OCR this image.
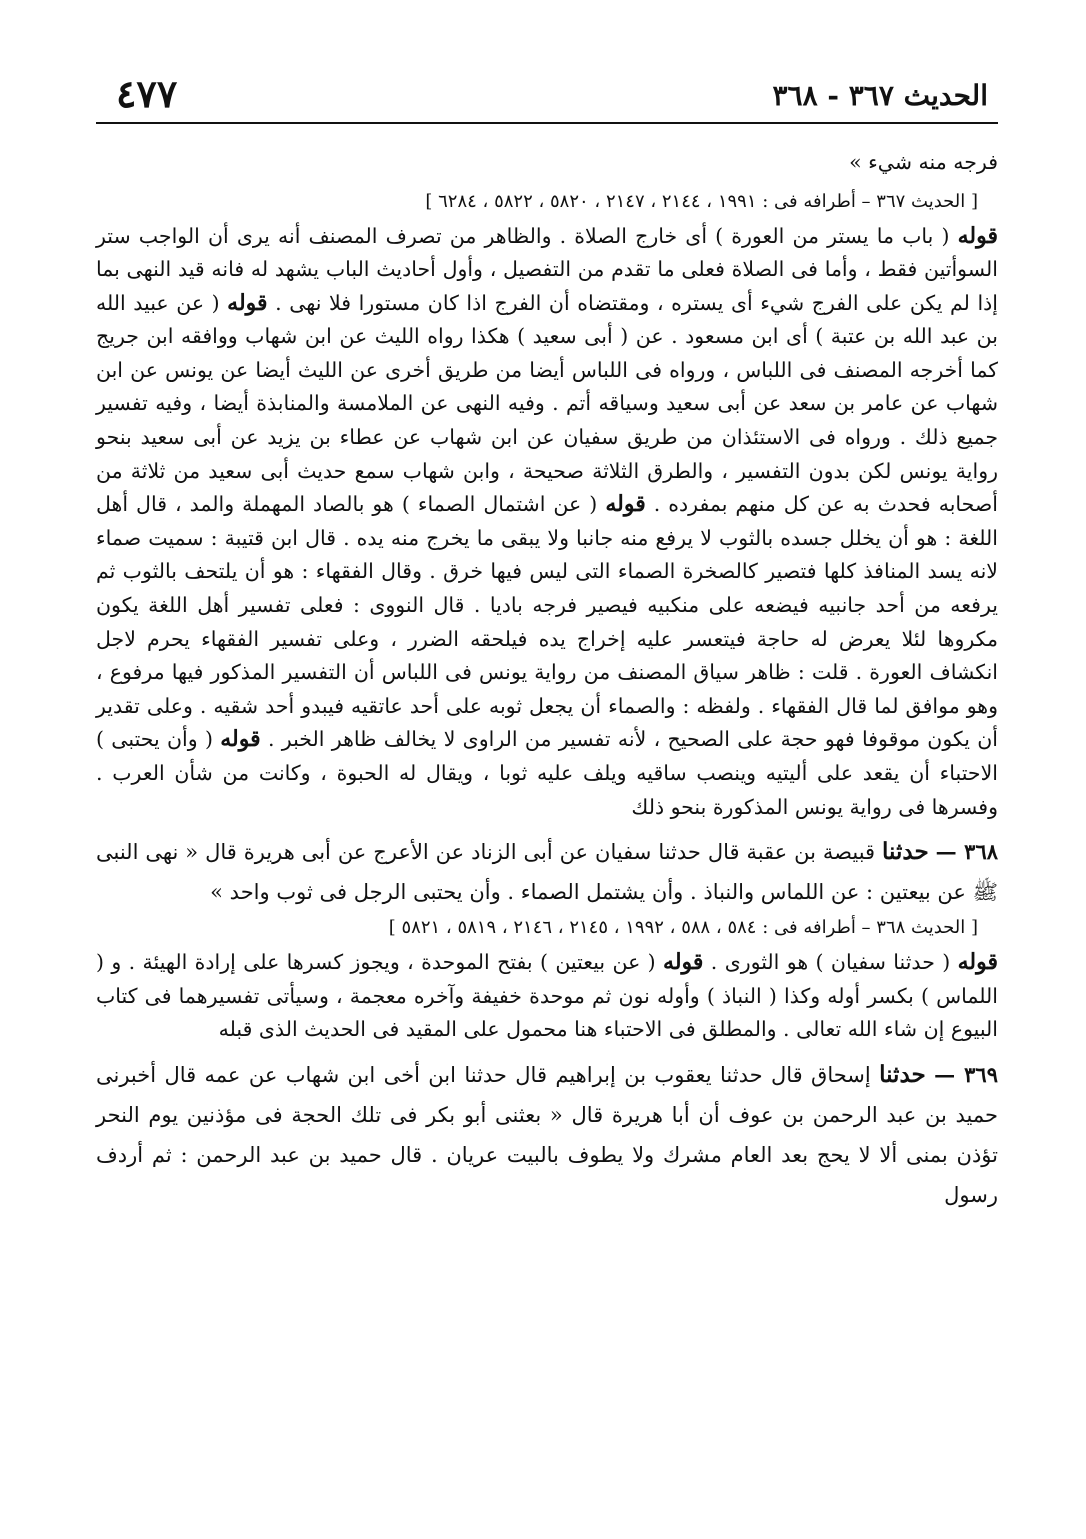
٤٧٧	الحديث ٣٦٧ - ٣٦٨
فرجه منه شيء »
[ الحديث ٣٦٧ – أطرافه فى : ١٩٩١ ، ٢١٤٤ ، ٢١٤٧ ، ٥٨٢٠ ، ٥٨٢٢ ، ٦٢٨٤ ]
قوله ( باب ما يستر من العورة ) أى خارج الصلاة . والظاهر من تصرف المصنف أنه يرى أن الواجب ستر السوأتين فقط ، وأما فى الصلاة فعلى ما تقدم من التفصيل ، وأول أحاديث الباب يشهد له فانه قيد النهى بما إذا لم يكن على الفرج شيء أى يستره ، ومقتضاه أن الفرج اذا كان مستورا فلا نهى . قوله ( عن عبيد الله بن عبد الله بن عتبة ) أى ابن مسعود . عن ( أبى سعيد ) هكذا رواه الليث عن ابن شهاب ووافقه ابن جريج كما أخرجه المصنف فى اللباس ، ورواه فى اللباس أيضا من طريق أخرى عن الليث أيضا عن يونس عن ابن شهاب عن عامر بن سعد عن أبى سعيد وسياقه أتم . وفيه النهى عن الملامسة والمنابذة أيضا ، وفيه تفسير جميع ذلك . ورواه فى الاستئذان من طريق سفيان عن ابن شهاب عن عطاء بن يزيد عن أبى سعيد بنحو رواية يونس لكن بدون التفسير ، والطرق الثلاثة صحيحة ، وابن شهاب سمع حديث أبى سعيد من ثلاثة من أصحابه فحدث به عن كل منهم بمفرده . قوله ( عن اشتمال الصماء ) هو بالصاد المهملة والمد ، قال أهل اللغة : هو أن يخلل جسده بالثوب لا يرفع منه جانبا ولا يبقى ما يخرج منه يده . قال ابن قتيبة : سميت صماء لانه يسد المنافذ كلها فتصير كالصخرة الصماء التى ليس فيها خرق . وقال الفقهاء : هو أن يلتحف بالثوب ثم يرفعه من أحد جانبيه فيضعه على منكبيه فيصير فرجه باديا . قال النووى : فعلى تفسير أهل اللغة يكون مكروها لئلا يعرض له حاجة فيتعسر عليه إخراج يده فيلحقه الضرر ، وعلى تفسير الفقهاء يحرم لاجل انكشاف العورة . قلت : ظاهر سياق المصنف من رواية يونس فى اللباس أن التفسير المذكور فيها مرفوع ، وهو موافق لما قال الفقهاء . ولفظه : والصماء أن يجعل ثوبه على أحد عاتقيه فيبدو أحد شقيه . وعلى تقدير أن يكون موقوفا فهو حجة على الصحيح ، لأنه تفسير من الراوى لا يخالف ظاهر الخبر . قوله ( وأن يحتبى ) الاحتباء أن يقعد على أليتيه وينصب ساقيه ويلف عليه ثوبا ، ويقال له الحبوة ، وكانت من شأن العرب . وفسرها فى رواية يونس المذكورة بنحو ذلك
٣٦٨ — حدثنا قبيصة بن عقبة قال حدثنا سفيان عن أبى الزناد عن الأعرج عن أبى هريرة قال « نهى النبى ﷺ عن بيعتين : عن اللماس والنباذ . وأن يشتمل الصماء . وأن يحتبى الرجل فى ثوب واحد »
[ الحديث ٣٦٨ – أطرافه فى : ٥٨٤ ، ٥٨٨ ، ١٩٩٢ ، ٢١٤٥ ، ٢١٤٦ ، ٥٨١٩ ، ٥٨٢١ ]
قوله ( حدثنا سفيان ) هو الثورى . قوله ( عن بيعتين ) بفتح الموحدة ، ويجوز كسرها على إرادة الهيئة . و ( اللماس ) بكسر أوله وكذا ( النباذ ) وأوله نون ثم موحدة خفيفة وآخره معجمة ، وسيأتى تفسيرهما فى كتاب البيوع إن شاء الله تعالى . والمطلق فى الاحتباء هنا محمول على المقيد فى الحديث الذى قبله
٣٦٩ — حدثنا إسحاق قال حدثنا يعقوب بن إبراهيم قال حدثنا ابن أخى ابن شهاب عن عمه قال أخبرنى حميد بن عبد الرحمن بن عوف أن أبا هريرة قال « بعثنى أبو بكر فى تلك الحجة فى مؤذنين يوم النحر تؤذن بمنى ألا لا يحج بعد العام مشرك ولا يطوف بالبيت عريان . قال حميد بن عبد الرحمن : ثم أردف رسول
